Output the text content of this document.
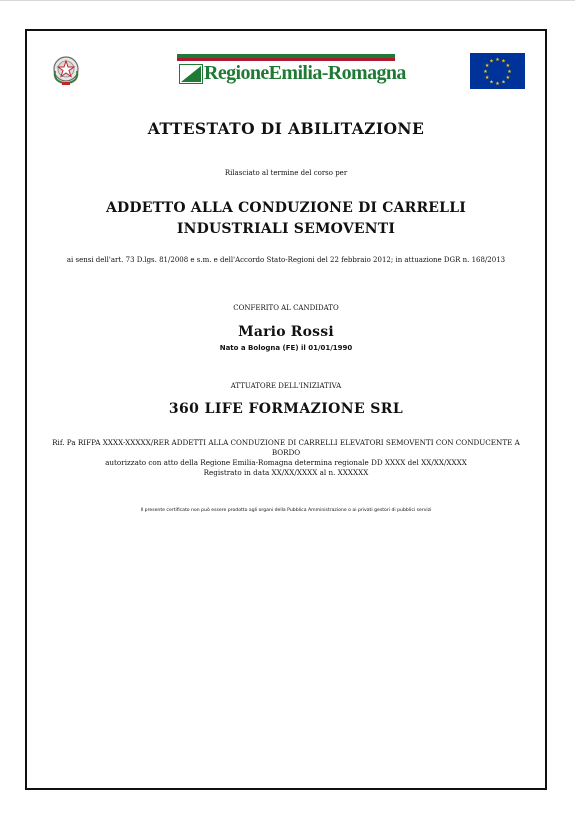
RegioneEmilia-Romagna
★ ★
★
★
★
★
★
★
★
★
★
★

ATTESTATO DI ABILITAZIONE

Rilasciato al termine del corso per

ADDETTO ALLA CONDUZIONE DI CARRELLI
INDUSTRIALI SEMOVENTI

ai sensi dell'art. 73 D.lgs. 81/2008 e s.m. e dell'Accordo Stato-Regioni del 22 febbraio 2012; in attuazione DGR n. 168/2013

CONFERITO AL CANDIDATO

Mario Rossi

Nato a Bologna (FE) il 01/01/1990

ATTUATORE DELL'INIZIATIVA

360 LIFE FORMAZIONE SRL

Rif. Pa RIFPA XXXX-XXXXX/RER ADDETTI ALLA CONDUZIONE DI CARRELLI ELEVATORI SEMOVENTI CON CONDUCENTE A BORDO
autorizzato con atto della Regione Emilia-Romagna determina regionale DD XXXX del XX/XX/XXXX
Registrato in data XX/XX/XXXX al n. XXXXXX

Il presente certificato non può essere prodotto agli organi della Pubblica Amministrazione o ai privati gestori di pubblici servizi
